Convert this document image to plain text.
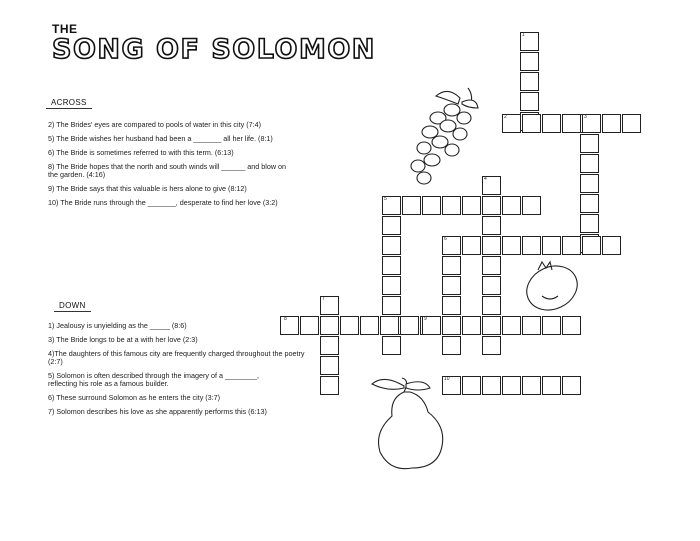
THE
SONG OF SOLOMON
ACROSS
2) The Brides' eyes are compared to pools of water in this city (7:4)
5) The Bride wishes her husband had been a _______ all her life. (8:1)
6) The Bride is sometimes referred to with this term. (6:13)
8) The Bride hopes that the north and south winds will ______ and blow on the garden. (4:16)
9) The Bride says that this valuable is hers alone to give (8:12)
10) The Bride runs through the _______, desperate to find her love (3:2)
DOWN
1) Jealousy is unyielding as the _____ (8:6)
3) The Bride longs to be at a with her love (2:3)
4)The daughters of this famous city are frequently charged throughout the poetry (2:7)
5) Solomon is often described through the imagery of a ________, reflecting his role as a famous builder.
6) These surround Solomon as he enters the city (3:7)
7) Solomon describes his love as she apparently performs this (6:13)
1
2	3
4
5
6
7
8	9
10
